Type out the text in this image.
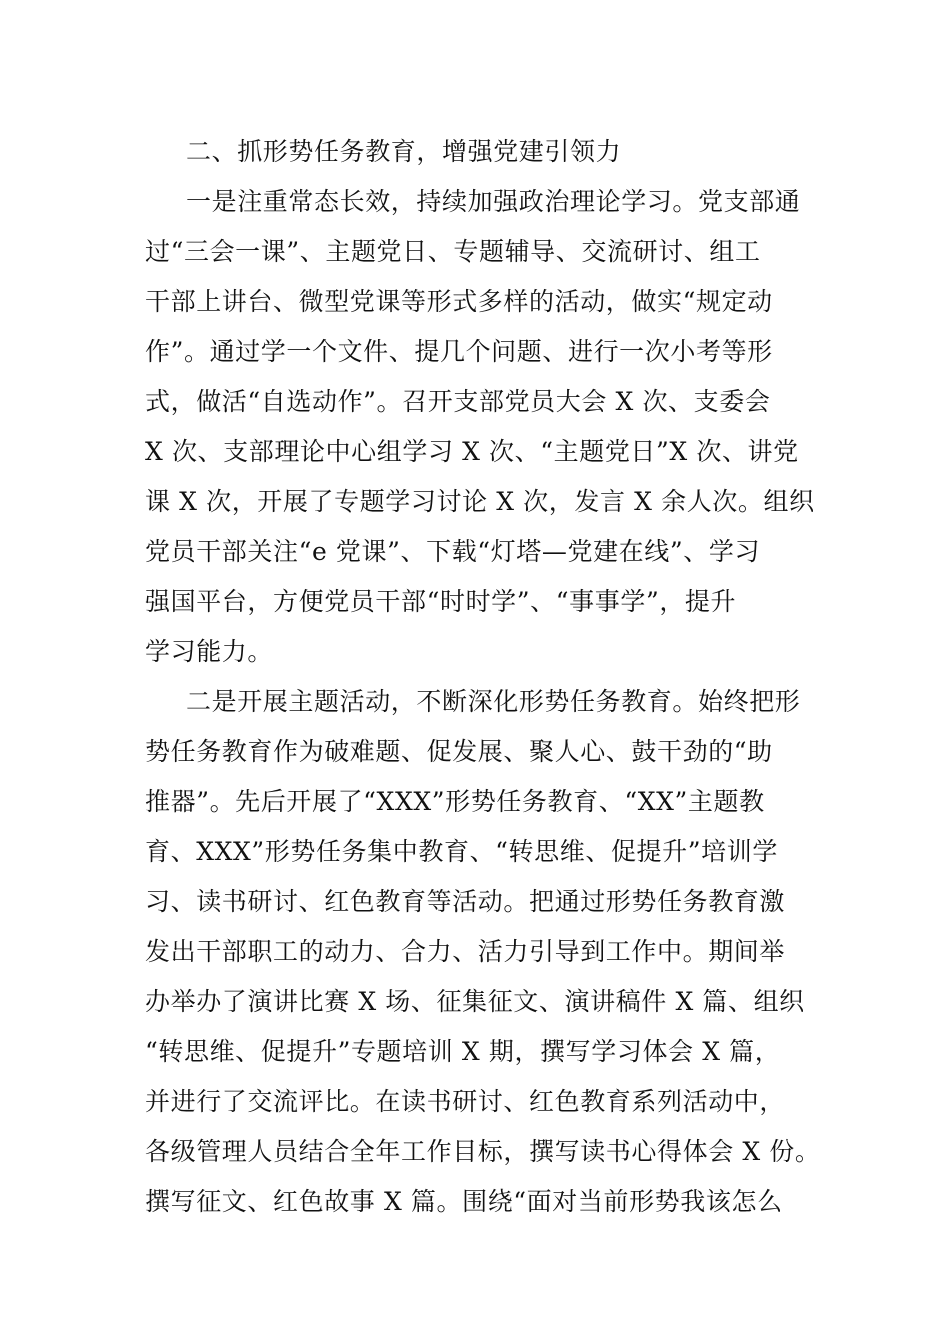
二、抓形势任务教育，增强党建引领力
一是注重常态长效，持续加强政治理论学习。党支部通
过“三会一课”、主题党日、专题辅导、交流研讨、组工
干部上讲台、微型党课等形式多样的活动，做实“规定动
作”。通过学一个文件、提几个问题、进行一次小考等形
式，做活“自选动作”。召开支部党员大会 X 次、支委会
X 次、支部理论中心组学习 X 次、“主题党日”X 次、讲党
课 X 次，开展了专题学习讨论 X 次，发言 X 余人次。组织
党员干部关注“e 党课”、下载“灯塔—党建在线”、学习
强国平台，方便党员干部“时时学”、“事事学”，提升
学习能力。
二是开展主题活动，不断深化形势任务教育。始终把形
势任务教育作为破难题、促发展、聚人心、鼓干劲的“助
推器”。先后开展了“XXX”形势任务教育、“XX”主题教
育、XXX”形势任务集中教育、“转思维、促提升”培训学
习、读书研讨、红色教育等活动。把通过形势任务教育激
发出干部职工的动力、合力、活力引导到工作中。期间举
办举办了演讲比赛 X 场、征集征文、演讲稿件 X 篇、组织
“转思维、促提升”专题培训 X 期，撰写学习体会 X 篇，
并进行了交流评比。在读书研讨、红色教育系列活动中，
各级管理人员结合全年工作目标，撰写读书心得体会 X 份。
撰写征文、红色故事 X 篇。围绕“面对当前形势我该怎么
